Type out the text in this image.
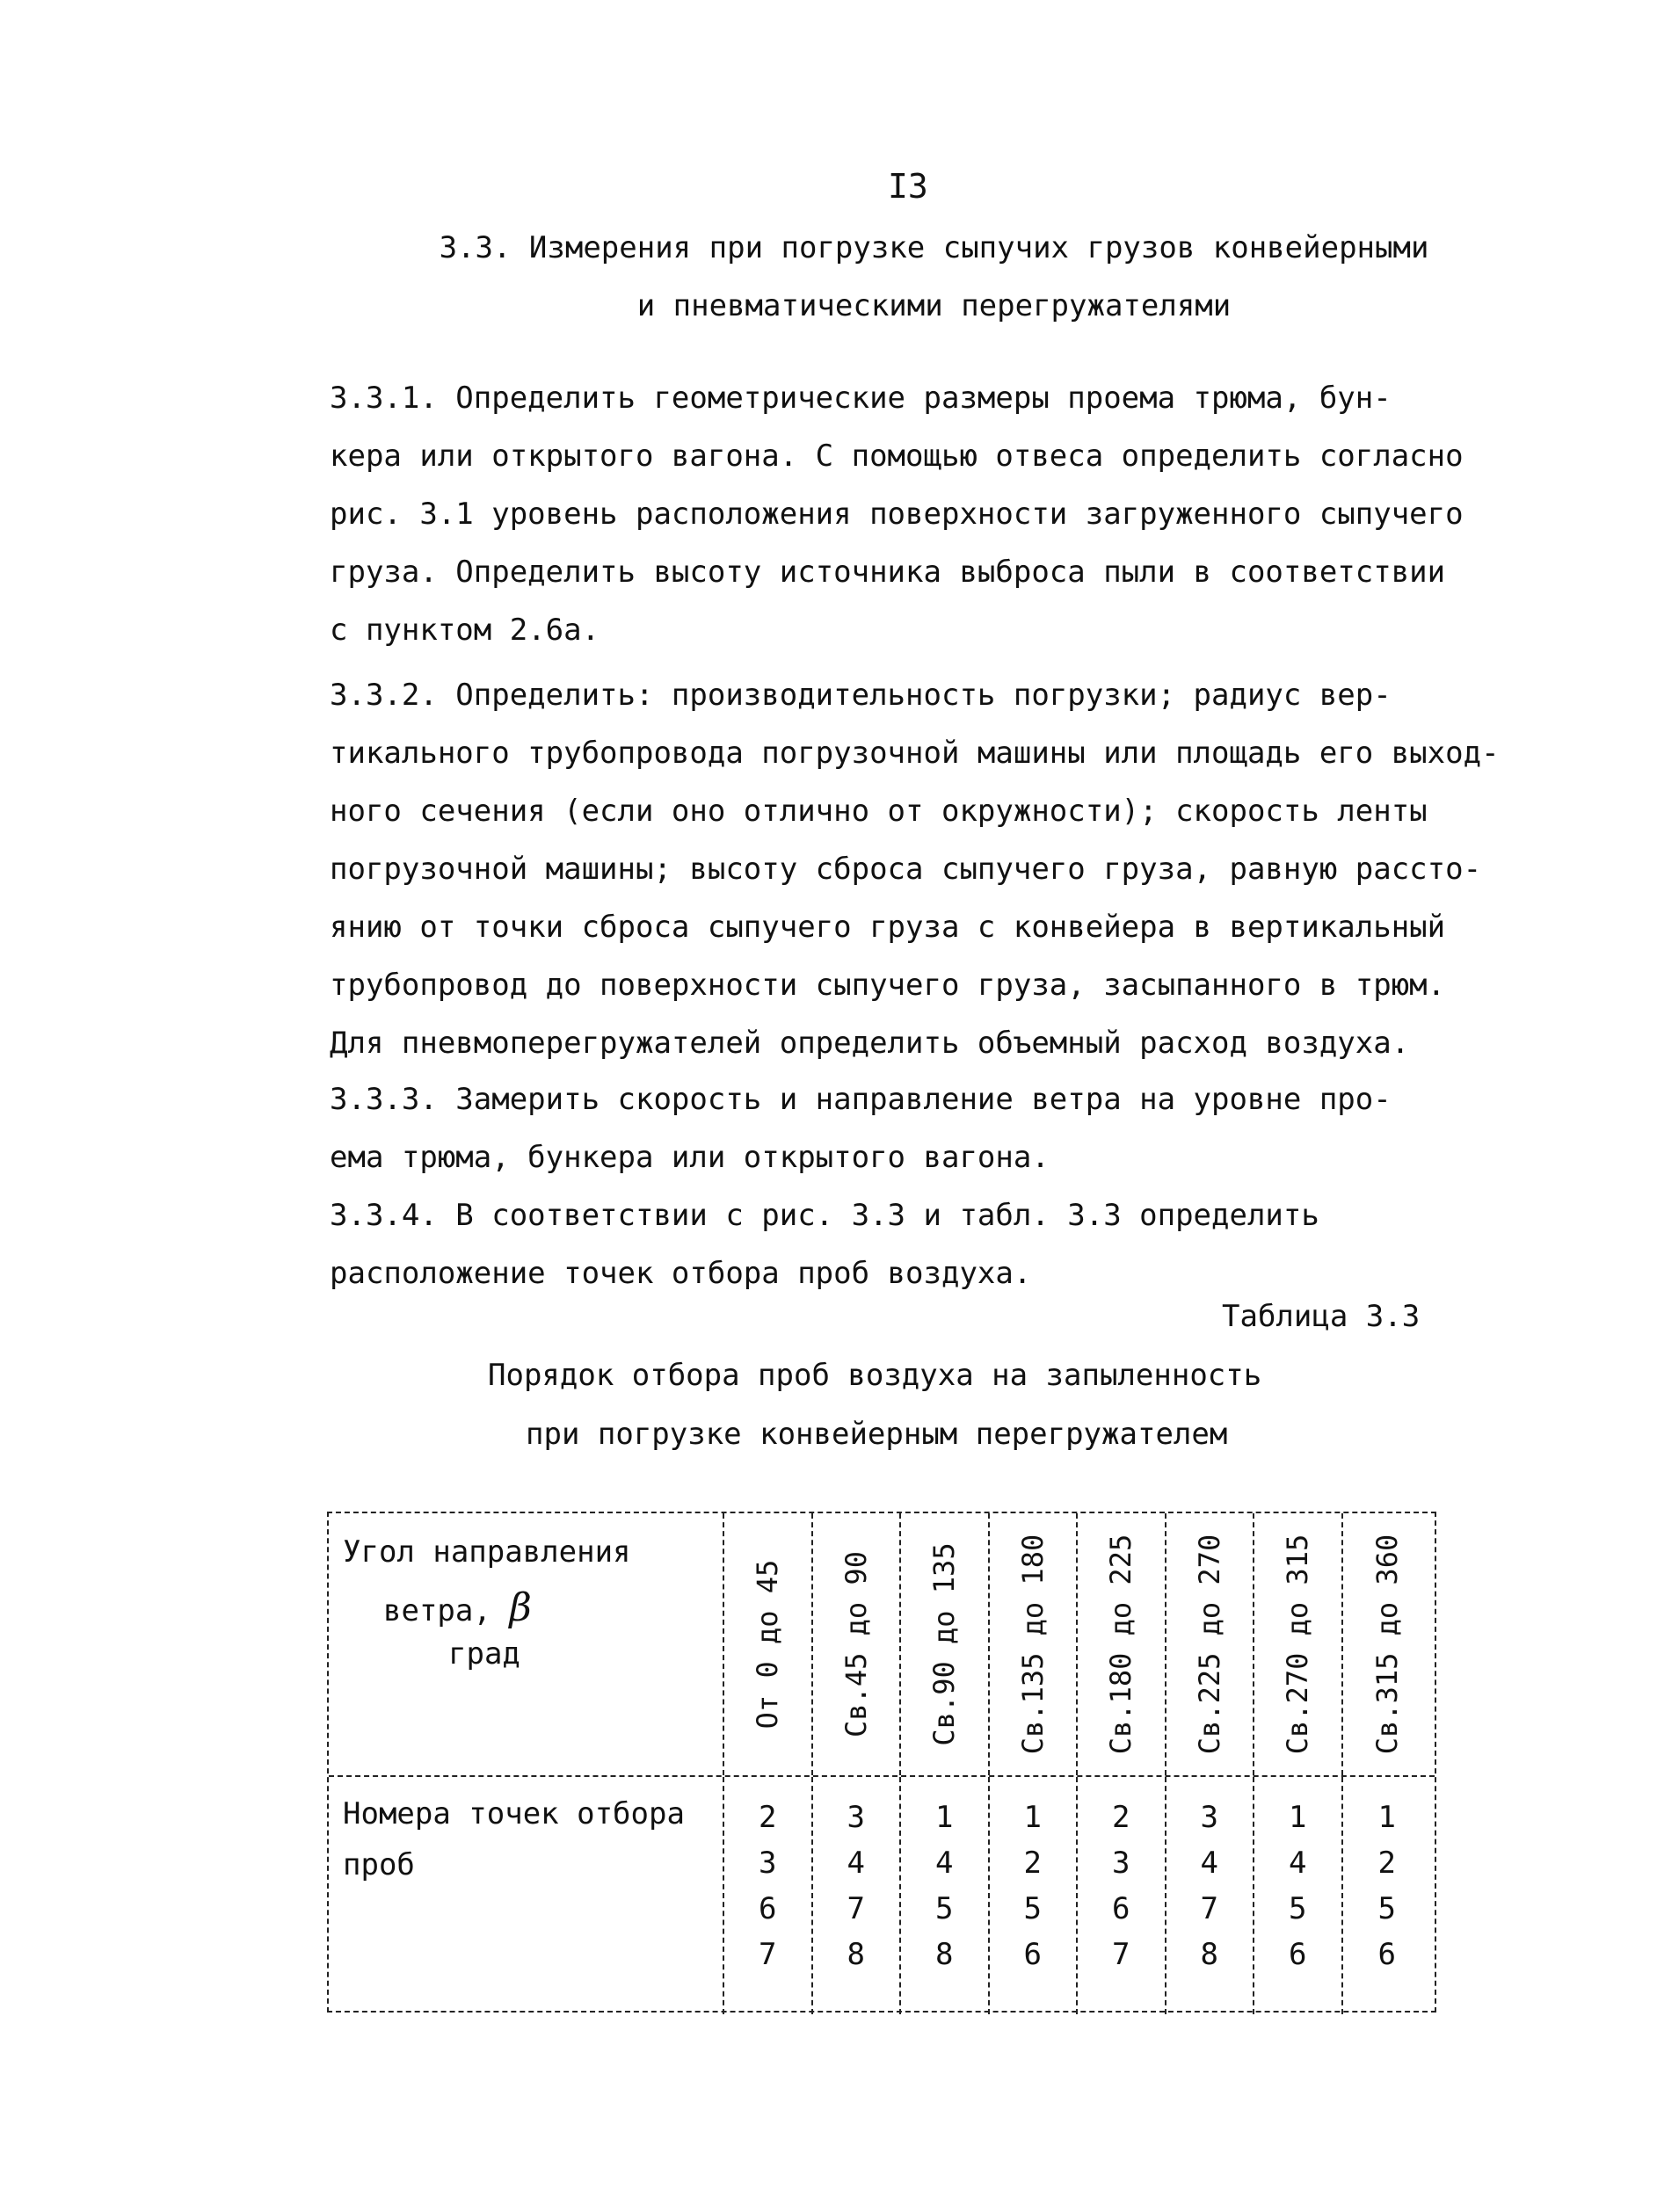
I3
3.3. Измерения при погрузке сыпучих грузов конвейерными
и пневматическими перегружателями

3.3.1. Определить геометрические размеры проема трюма, бун-
кера или открытого вагона. С помощью отвеса определить согласно
рис. 3.1 уровень расположения поверхности загруженного сыпучего
груза. Определить высоту источника выброса пыли в соответствии
с пунктом 2.6а.

3.3.2. Определить: производительность погрузки; радиус вер-
тикального трубопровода погрузочной машины или площадь его выход-
ного сечения (если оно отлично от окружности); скорость ленты
погрузочной машины; высоту сброса сыпучего груза, равную рассто-
янию от точки сброса сыпучего груза с конвейера в вертикальный
трубопровод до поверхности сыпучего груза, засыпанного в трюм.
Для пневмоперегружателей определить объемный расход воздуха.

3.3.3. Замерить скорость и направление ветра на уровне про-
ема трюма, бункера или открытого вагона.

3.3.4. В соответствии с рис. 3.3 и табл. 3.3 определить
расположение точек отбора проб воздуха.

Таблица 3.3
Порядок отбора проб воздуха на запыленность
при погрузке конвейерным перегружателем
Угол направления
ветра, β
град	От 0 до 45 Св.45 до 90 Св.90 до 135 Св.135 до 180 Св.180 до 225 Св.225 до 270 Св.270 до 315 Св.315 до 360
Номера точек отбора
проб
2
3
6
7
3
4
7
8
1
4
5
8
1
2
5
6
2
3
6
7
3
4
7
8
1
4
5
6
1
2
5
6
